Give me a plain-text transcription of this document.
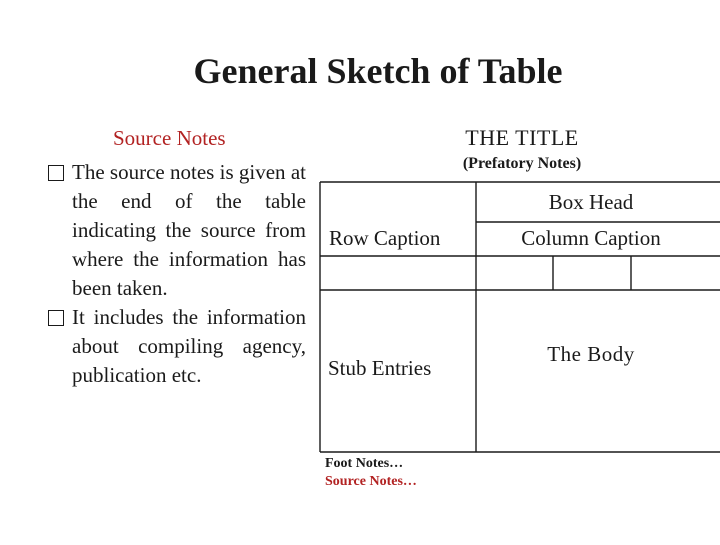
General Sketch of Table
Source Notes
The source notes is given at the end of the table indicating the source from where the information has been taken.
It includes the information about compiling agency, publication etc.
THE TITLE
(Prefatory Notes)
Box Head
Row Caption	Column Caption
Stub Entries
The Body
Foot Notes…
Source Notes…
